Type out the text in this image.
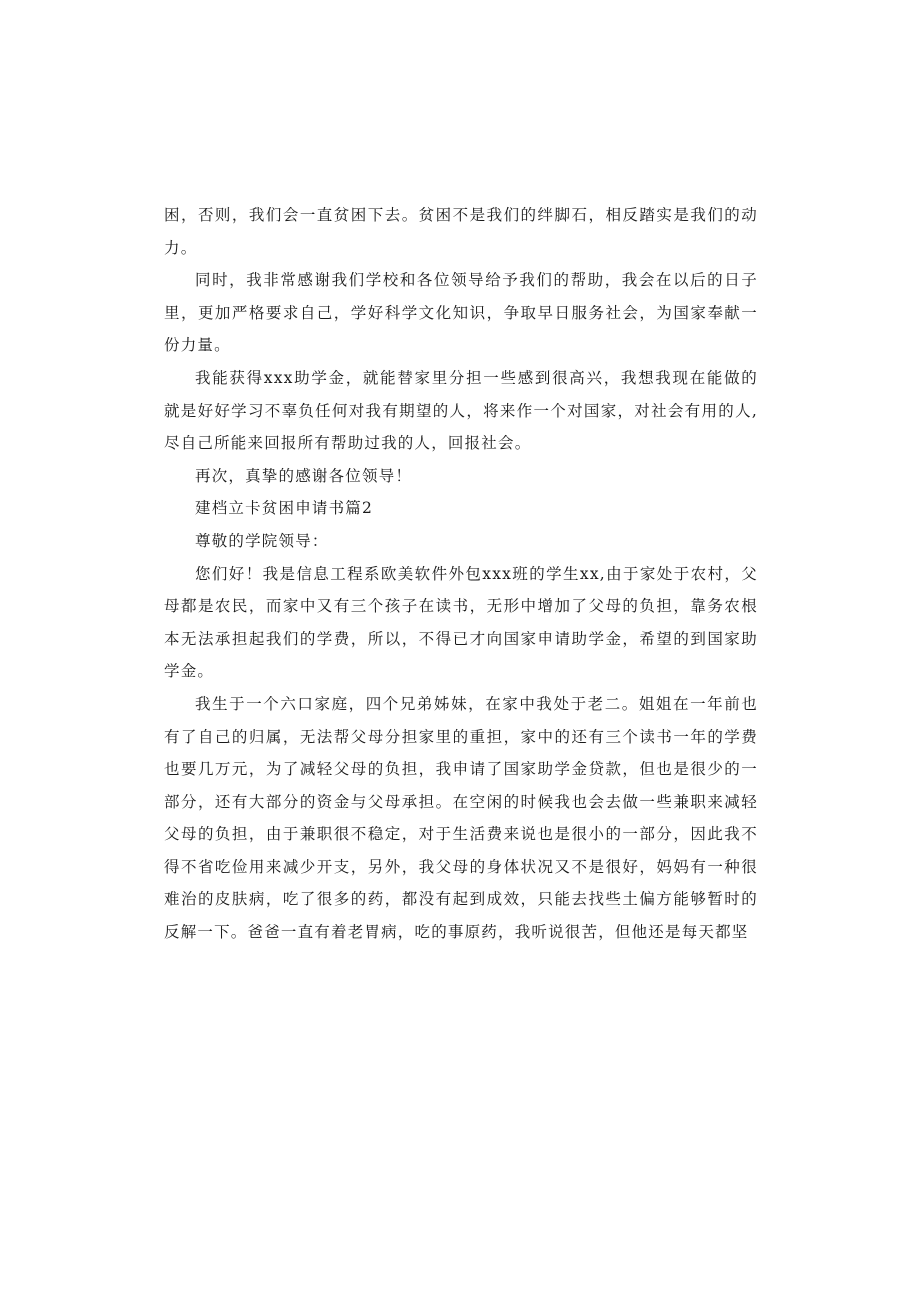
困，否则，我们会一直贫困下去。贫困不是我们的绊脚石，相反踏实是我们的动力。

同时，我非常感谢我们学校和各位领导给予我们的帮助，我会在以后的日子里，更加严格要求自己，学好科学文化知识，争取早日服务社会，为国家奉献一份力量。

我能获得xxx助学金，就能替家里分担一些感到很高兴，我想我现在能做的就是好好学习不辜负任何对我有期望的人，将来作一个对国家，对社会有用的人,尽自己所能来回报所有帮助过我的人，回报社会。

再次，真挚的感谢各位领导！

建档立卡贫困申请书篇2

尊敬的学院领导：

您们好！我是信息工程系欧美软件外包xxx班的学生xx,由于家处于农村，父母都是农民，而家中又有三个孩子在读书，无形中增加了父母的负担，靠务农根本无法承担起我们的学费，所以，不得已才向国家申请助学金，希望的到国家助学金。

我生于一个六口家庭，四个兄弟姊妹，在家中我处于老二。姐姐在一年前也有了自己的归属，无法帮父母分担家里的重担，家中的还有三个读书一年的学费也要几万元，为了减轻父母的负担，我申请了国家助学金贷款，但也是很少的一部分，还有大部分的资金与父母承担。在空闲的时候我也会去做一些兼职来减轻父母的负担，由于兼职很不稳定，对于生活费来说也是很小的一部分，因此我不得不省吃俭用来减少开支，另外，我父母的身体状况又不是很好，妈妈有一种很难治的皮肤病，吃了很多的药，都没有起到成效，只能去找些土偏方能够暂时的反解一下。爸爸一直有着老胃病，吃的事原药，我听说很苦，但他还是每天都坚
